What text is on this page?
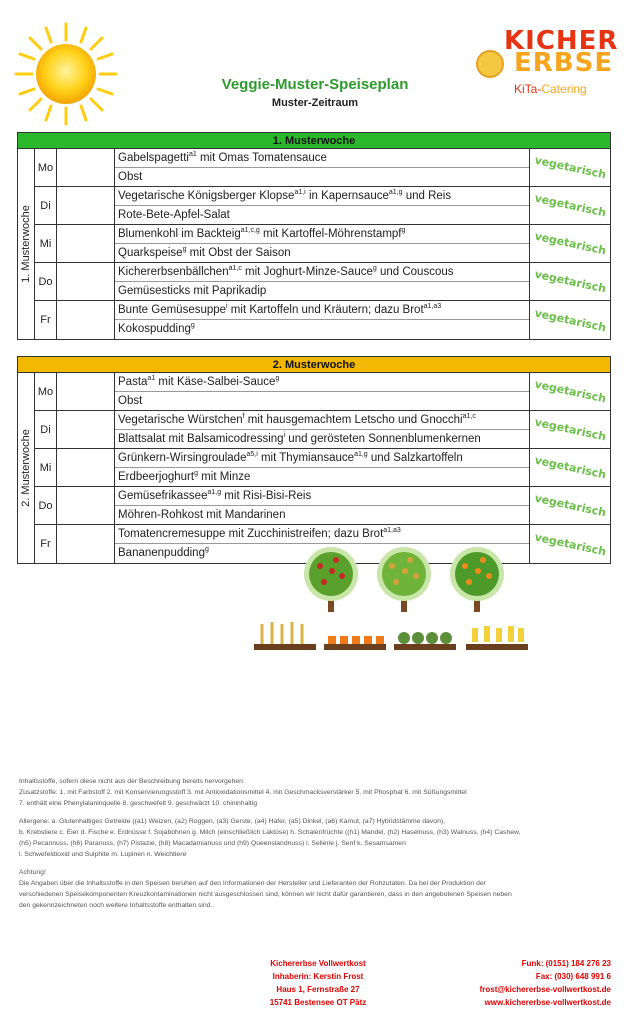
Veggie-Muster-Speiseplan
Muster-Zeitraum
KICHER
ERBSE
KiTa-Catering
1. Musterwoche
1. Musterwoche
Mo
Gabelspagetti$^{a1}$ mit Omas Tomatensauce
Obst	vegetarisch
Di
Vegetarische Königsberger Klopse$^{a1,i}$ in Kapernsauce$^{a1,g}$ und Reis
Rote-Bete-Apfel-Salat	vegetarisch
Mi
Blumenkohl im Backteig$^{a1,c,g}$ mit Kartoffel-Möhrenstampf$^g$
Quarkspeise$^g$ mit Obst der Saison	vegetarisch
Do
Kichererbsenbällchen$^{a1,c}$ mit Joghurt-Minze-Sauce$^g$ und Couscous
Gemüsesticks mit Paprikadip	vegetarisch
Fr
Bunte Gemüsesuppe$^i$ mit Kartoffeln und Kräutern; dazu Brot$^{a1,a3}$
Kokospudding$^g$	vegetarisch
2. Musterwoche
2. Musterwoche
Mo
Pasta$^{a1}$ mit Käse-Salbei-Sauce$^g$
Obst	vegetarisch
Di
Vegetarische Würstchen$^f$ mit hausgemachtem Letscho und Gnocchi$^{a1,c}$
Blattsalat mit Balsamicodressing$^i$ und gerösteten Sonnenblumenkernen	vegetarisch
Mi
Grünkern-Wirsingroulade$^{a5,i}$ mit Thymiansauce$^{a1,g}$ und Salzkartoffeln
Erdbeerjoghurt$^g$ mit Minze	vegetarisch
Do
Gemüsefrikassee$^{a1,g}$ mit Risi-Bisi-Reis
Möhren-Rohkost mit Mandarinen	vegetarisch
Fr
Tomatencremesuppe mit Zucchinistreifen; dazu Brot$^{a1,a3}$
Bananenpudding$^g$	vegetarisch

Inhaltsstoffe, sofern diese nicht aus der Beschreibung bereits hervorgehen:
Zusatzstoffe: 1. mit Farbstoff 2. mit Konservierungsstoff 3. mit Antioxidationsmittel 4. mit Geschmacksverstärker 5. mit Phosphat 6. mit Süßungsmittel
7. enthält eine Phenylalaninquelle 8. geschwefelt 9. geschwärzt 10. chininhaltig

Allergene: a. Glutenhaltiges Getreide ((a1) Weizen, (a2) Roggen, (a3) Gerste, (a4) Hafer, (a5) Dinkel, (a6) Kamut, (a7) Hybridstämme davon),
b. Krebstiere c. Eier d. Fische e. Erdnüsse f. Sojabohnen g. Milch (einschließlich Laktose) h. Schalenfrüchte ((h1) Mandel, (h2) Haselnuss, (h3) Walnuss, (h4) Cashew,
(h5) Pecannuss, (h6) Paranuss, (h7) Pistazie, (h8) Macadamianuss und (h9) Queenslandnuss) i. Sellerie j. Senf k. Sesamsamen
l. Schwefeldioxid und Sulphite m. Lupinen n. Weichtiere

Achtung!
Die Angaben über die Inhaltsstoffe in den Speisen beruhen auf den Informationen der Hersteller und Lieferanten der Rohzutaten. Da bei der Produktion der
verschiedenen Speisekomponenten Kreuzkontaminationen nicht ausgeschlossen sind, können wir nicht dafür garantieren, dass in den angebotenen Speisen neben
den gekennzeichneten noch weitere Inhaltsstoffe enthalten sind.

Kichererbse Vollwertkost
Inhaberin: Kerstin Frost
Haus 1, Fernstraße 27
15741 Bestensee OT Pätz
Funk: (0151) 184 276 23
Fax: (030) 648 991 6
frost@kichererbse-vollwertkost.de
www.kichererbse-vollwertkost.de
